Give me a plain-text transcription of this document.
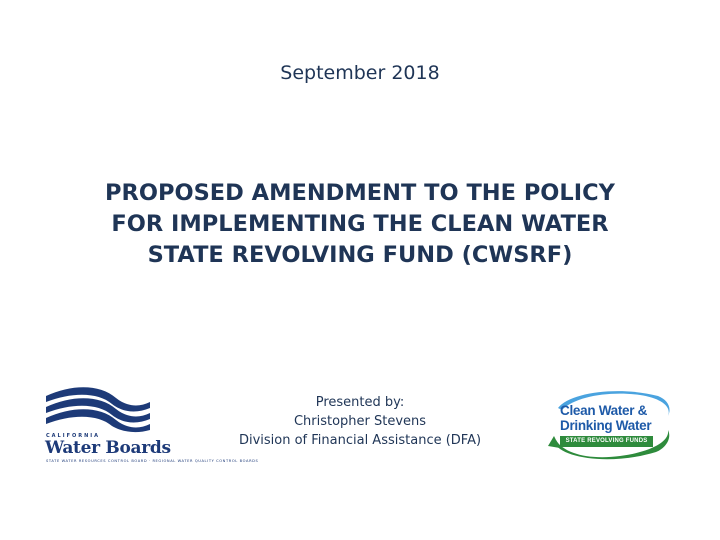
September 2018
PROPOSED AMENDMENT TO THE POLICY
FOR IMPLEMENTING THE CLEAN WATER
STATE REVOLVING FUND (CWSRF)
Presented by:
Christopher Stevens
Division of Financial Assistance (DFA)
CALIFORNIA
Water Boards
STATE WATER RESOURCES CONTROL BOARD · REGIONAL WATER QUALITY CONTROL BOARDS
Clean Water &
Drinking Water
STATE REVOLVING FUNDS
